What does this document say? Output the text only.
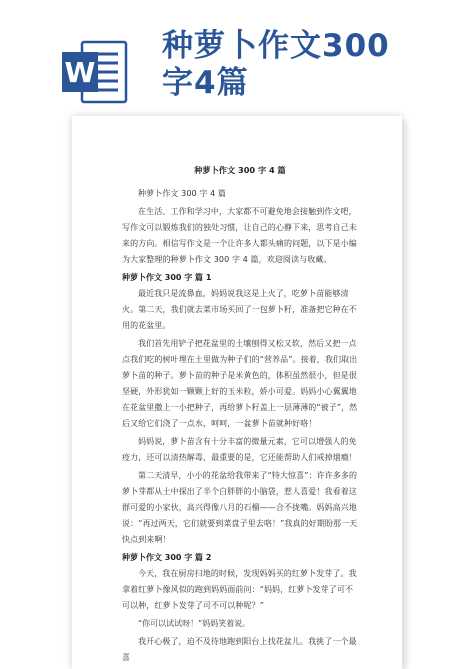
W
种萝卜作文300
字4篇
种萝卜作文 300 字 4 篇

种萝卜作文 300 字 4 篇

在生活、工作和学习中，大家都不可避免地会接触到作文吧，写作文可以锻炼我们的独处习惯，让自己的心静下来，思考自己未来的方向。相信写作文是一个让许多人都头痛的问题，以下是小编为大家整理的种萝卜作文 300 字 4 篇，欢迎阅读与收藏。

种萝卜作文 300 字 篇 1

最近我只是流鼻血，妈妈说我这是上火了，吃萝卜苗能够清火。第二天，我们就去菜市场买回了一包萝卜籽，准备把它种在不用的花盆里。

我们首先用铲子把花盆里的土壤刨得又松又软，然后又把一点点我们吃的树叶埋在土里做为种子们的“营养品”。接着，我们取出萝卜苗的种子。萝卜苗的种子是米黄色的，体积虽然很小，但是很坚硬，外形犹如一颗颗上好的玉米粒，娇小可爱。妈妈小心翼翼地在花盆里撒上一小把种子，再给萝卜籽盖上一层薄薄的“被子”，然后又给它们浇了一点水，呵呵，一盆萝卜苗就种好咯！

妈妈说，萝卜苗含有十分丰富的微量元素，它可以增强人的免疫力，还可以清热解毒，最重要的是，它还能帮助人们戒掉烟瘾！

第二天清早，小小的花盆给我带来了“特大惊喜”：许许多多的萝卜芽都从土中探出了半个白胖胖的小脑袋，惹人喜爱！我看着这群可爱的小家伙，高兴得像八月的石榴——合不拢嘴。妈妈高兴地说：“再过两天，它们就要到菜盘子里去咯！”我真的好期盼那一天快点到来啊！

种萝卜作文 300 字 篇 2

今天，我在厨房扫地的时候，发现妈妈买的红萝卜发芽了。我拿着红萝卜像风似的跑到妈妈面前问：“妈妈，红萝卜发芽了可不可以种，红萝卜发芽了可不可以种呢？”

“你可以试试呀！”妈妈笑着说。

我开心极了，迫不及待地跑到阳台上找花盆儿。我挑了一个最喜
